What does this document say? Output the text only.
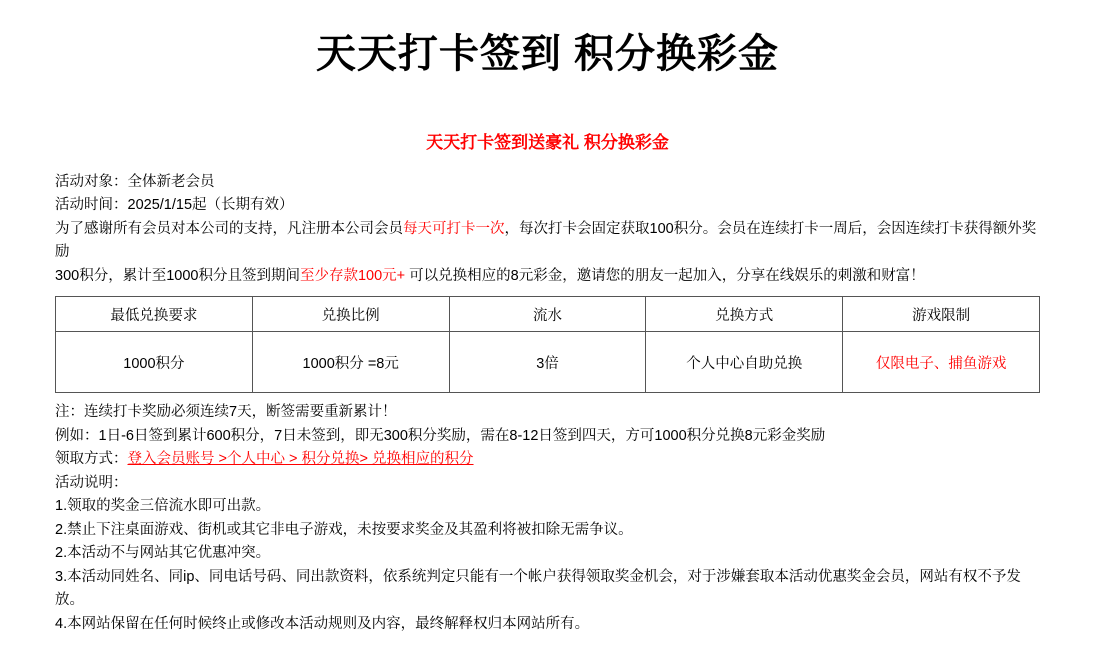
天天打卡签到 积分换彩金
天天打卡签到送豪礼 积分换彩金

活动对象：全体新老会员

活动时间：2025/1/15起（长期有效）

为了感谢所有会员对本公司的支持，凡注册本公司会员每天可打卡一次，每次打卡会固定获取100积分。会员在连续打卡一周后，会因连续打卡获得额外奖励
300积分，累计至1000积分且签到期间至少存款100元+ 可以兑换相应的8元彩金，邀请您的朋友一起加入，分享在线娱乐的刺激和财富！

最低兑换要求	兑换比例	流水	兑换方式	游戏限制
1000积分	1000积分 =8元	3倍	个人中心自助兑换	仅限电子、捕鱼游戏

注：连续打卡奖励必须连续7天，断签需要重新累计！

例如：1日-6日签到累计600积分，7日未签到，即无300积分奖励，需在8-12日签到四天，方可1000积分兑换8元彩金奖励

领取方式：登入会员账号 >个人中心 > 积分兑换> 兑换相应的积分

活动说明：

1.领取的奖金三倍流水即可出款。

2.禁止下注桌面游戏、街机或其它非电子游戏，未按要求奖金及其盈利将被扣除无需争议。

2.本活动不与网站其它优惠冲突。

3.本活动同姓名、同ip、同电话号码、同出款资料，依系统判定只能有一个帐户获得领取奖金机会，对于涉嫌套取本活动优惠奖金会员，网站有权不予发放。

4.本网站保留在任何时候终止或修改本活动规则及内容，最终解释权归本网站所有。
